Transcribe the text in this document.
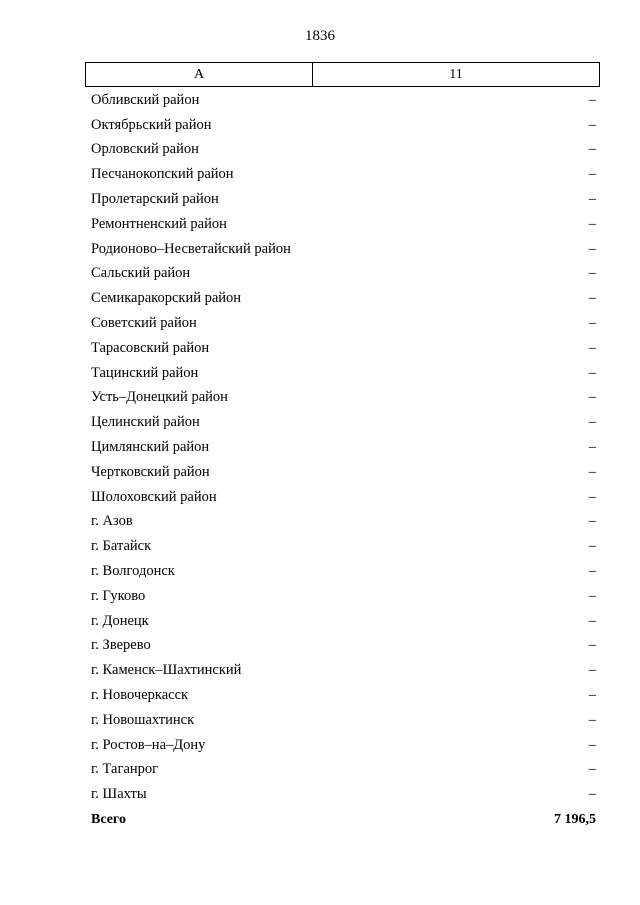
1836
А	11
Обливский район	–
Октябрьский район	–
Орловский район	–
Песчанокопский район	–
Пролетарский район	–
Ремонтненский район	–
Родионово–Несветайский район	–
Сальский район	–
Семикаракорский район	–
Советский район	–
Тарасовский район	–
Тацинский район	–
Усть–Донецкий район	–
Целинский район	–
Цимлянский район	–
Чертковский район	–
Шолоховский район	–
г. Азов	–
г. Батайск	–
г. Волгодонск	–
г. Гуково	–
г. Донецк	–
г. Зверево	–
г. Каменск–Шахтинский	–
г. Новочеркасск	–
г. Новошахтинск	–
г. Ростов–на–Дону	–
г. Таганрог	–
г. Шахты	–
Всего	7 196,5
